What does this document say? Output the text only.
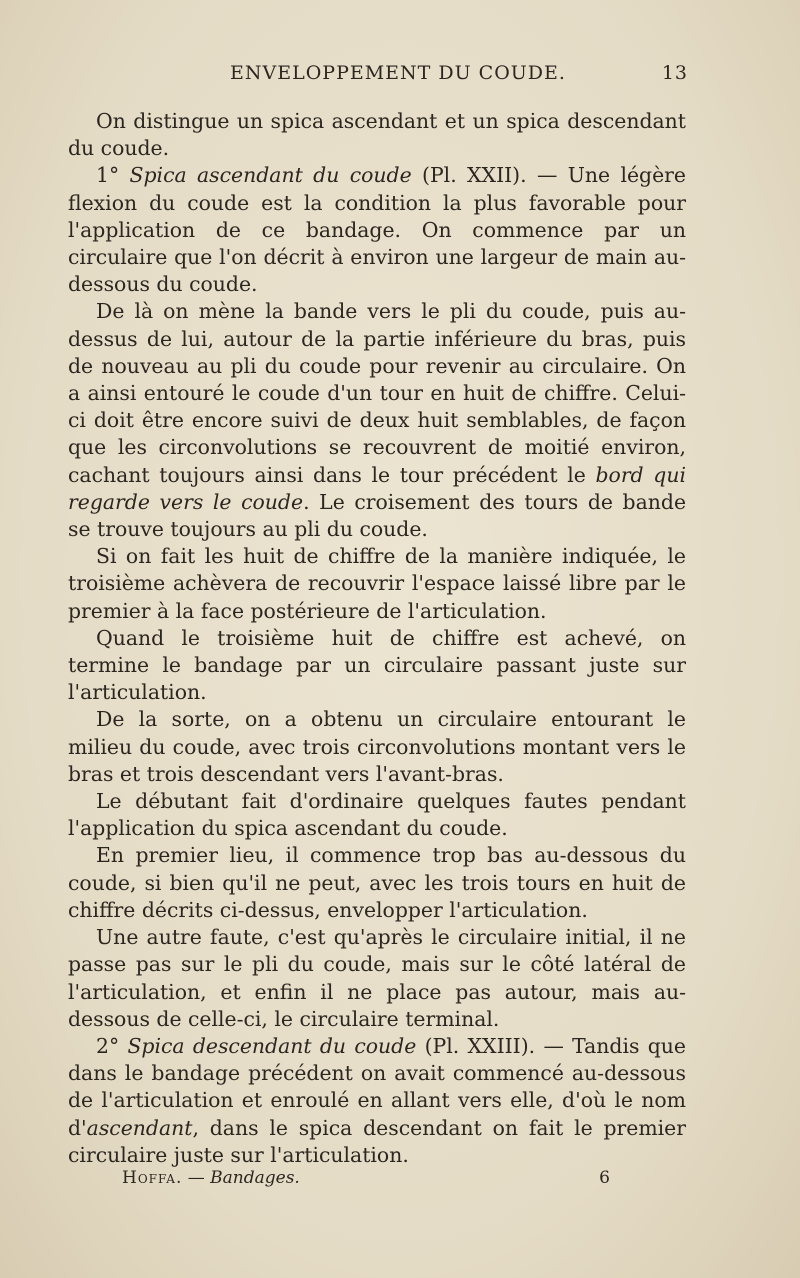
ENVELOPPEMENT DU COUDE.	13

On distingue un spica ascendant et un spica descendant du coude.

1° Spica ascendant du coude (Pl. XXII). — Une légère flexion du coude est la condition la plus favorable pour l'application de ce bandage. On commence par un circulaire que l'on décrit à environ une largeur de main au-dessous du coude.

De là on mène la bande vers le pli du coude, puis au-dessus de lui, autour de la partie inférieure du bras, puis de nouveau au pli du coude pour revenir au circulaire. On a ainsi entouré le coude d'un tour en huit de chiffre. Celui-ci doit être encore suivi de deux huit semblables, de façon que les circonvolutions se recouvrent de moitié environ, cachant toujours ainsi dans le tour précédent le bord qui regarde vers le coude. Le croisement des tours de bande se trouve toujours au pli du coude.

Si on fait les huit de chiffre de la manière indiquée, le troisième achèvera de recouvrir l'espace laissé libre par le premier à la face postérieure de l'articulation.

Quand le troisième huit de chiffre est achevé, on termine le bandage par un circulaire passant juste sur l'articulation.

De la sorte, on a obtenu un circulaire entourant le milieu du coude, avec trois circonvolutions montant vers le bras et trois descendant vers l'avant-bras.

Le débutant fait d'ordinaire quelques fautes pendant l'application du spica ascendant du coude.

En premier lieu, il commence trop bas au-dessous du coude, si bien qu'il ne peut, avec les trois tours en huit de chiffre décrits ci-dessus, envelopper l'articulation.

Une autre faute, c'est qu'après le circulaire initial, il ne passe pas sur le pli du coude, mais sur le côté latéral de l'articulation, et enfin il ne place pas autour, mais au-dessous de celle-ci, le circulaire terminal.

2° Spica descendant du coude (Pl. XXIII). — Tandis que dans le bandage précédent on avait commencé au-dessous de l'articulation et enroulé en allant vers elle, d'où le nom d'ascendant, dans le spica descendant on fait le premier circulaire juste sur l'articulation.

Hoffa. — Bandages.	6
